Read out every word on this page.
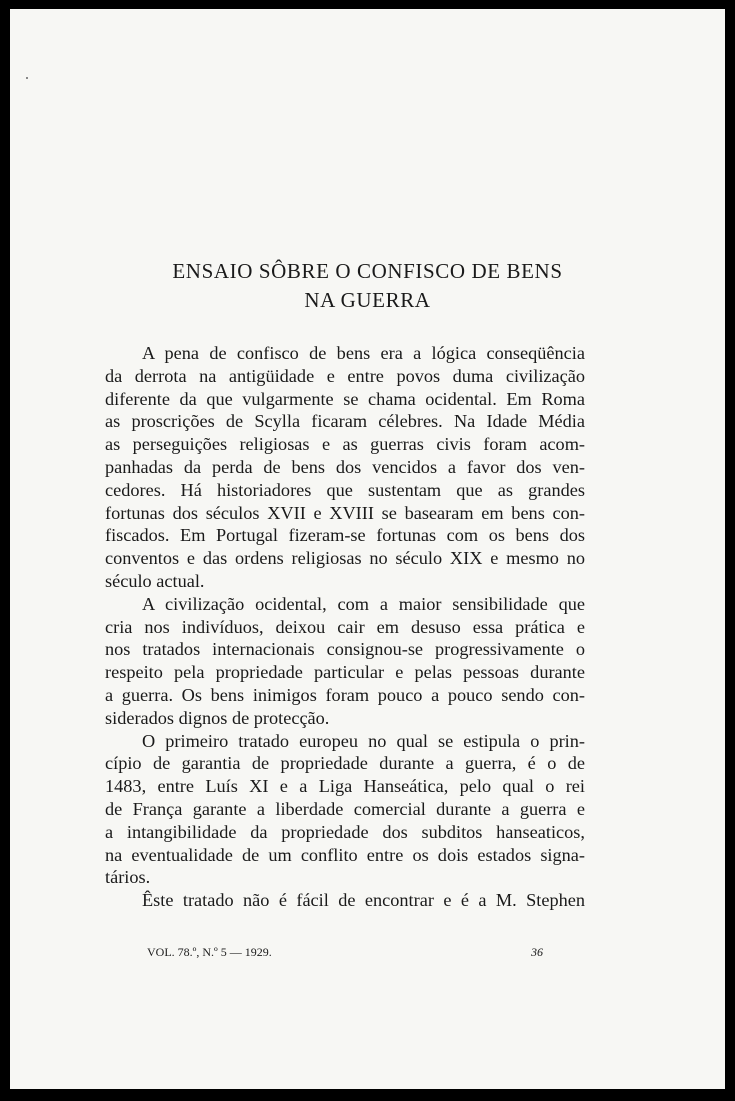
ENSAIO SÔBRE O CONFISCO DE BENS
NA GUERRA
A pena de confisco de bens era a lógica conseqüência
da derrota na antigüidade e entre povos duma civilização
diferente da que vulgarmente se chama ocidental. Em Roma
as proscrições de Scylla ficaram célebres. Na Idade Média
as perseguições religiosas e as guerras civis foram acom-
panhadas da perda de bens dos vencidos a favor dos ven-
cedores. Há historiadores que sustentam que as grandes
fortunas dos séculos XVII e XVIII se basearam em bens con-
fiscados. Em Portugal fizeram-se fortunas com os bens dos
conventos e das ordens religiosas no século XIX e mesmo no
século actual.
A civilização ocidental, com a maior sensibilidade que
cria nos indivíduos, deixou cair em desuso essa prática e
nos tratados internacionais consignou-se progressivamente o
respeito pela propriedade particular e pelas pessoas durante
a guerra. Os bens inimigos foram pouco a pouco sendo con-
siderados dignos de protecção.
O primeiro tratado europeu no qual se estipula o prin-
cípio de garantia de propriedade durante a guerra, é o de
1483, entre Luís XI e a Liga Hanseática, pelo qual o rei
de França garante a liberdade comercial durante a guerra e
a intangibilidade da propriedade dos subditos hanseaticos,
na eventualidade de um conflito entre os dois estados signa-
tários.
Êste tratado não é fácil de encontrar e é a M. Stephen
VOL. 78.º, N.º 5 — 1929.	36
